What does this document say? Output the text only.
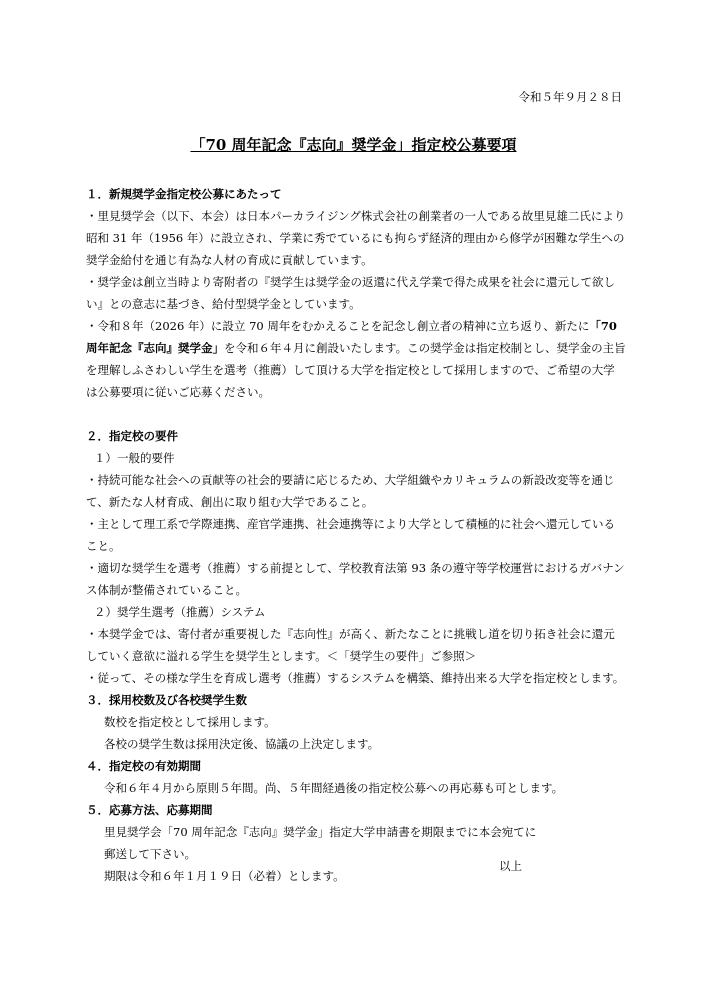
令和５年９月２８日
「70 周年記念『志向』奨学金」指定校公募要項

１．新規奨学金指定校公募にあたって

・里見奨学会（以下、本会）は日本パーカライジング株式会社の創業者の一人である故里見雄二氏により昭和 31 年（1956 年）に設立され、学業に秀でているにも拘らず経済的理由から修学が困難な学生への奨学金給付を通じ有為な人材の育成に貢献しています。

・奨学金は創立当時より寄附者の『奨学生は奨学金の返還に代え学業で得た成果を社会に還元して欲しい』との意志に基づき、給付型奨学金としています。

・令和８年（2026 年）に設立 70 周年をむかえることを記念し創立者の精神に立ち返り、新たに「70 周年記念『志向』奨学金」を令和６年４月に創設いたします。この奨学金は指定校制とし、奨学金の主旨を理解しふさわしい学生を選考（推薦）して頂ける大学を指定校として採用しますので、ご希望の大学は公募要項に従いご応募ください。

２．指定校の要件

１）一般的要件

・持続可能な社会への貢献等の社会的要請に応じるため、大学組織やカリキュラムの新設改変等を通じて、新たな人材育成、創出に取り組む大学であること。

・主として理工系で学際連携、産官学連携、社会連携等により大学として積極的に社会へ還元していること。

・適切な奨学生を選考（推薦）する前提として、学校教育法第 93 条の遵守等学校運営におけるガバナンス体制が整備されていること。

２）奨学生選考（推薦）システム

・本奨学金では、寄付者が重要視した『志向性』が高く、新たなことに挑戦し道を切り拓き社会に還元していく意欲に溢れる学生を奨学生とします。＜「奨学生の要件」ご参照＞

・従って、その様な学生を育成し選考（推薦）するシステムを構築、維持出来る大学を指定校とします。

３．採用校数及び各校奨学生数

数校を指定校として採用します。

各校の奨学生数は採用決定後、協議の上決定します。

４．指定校の有効期間

令和６年４月から原則５年間。尚、５年間経過後の指定校公募への再応募も可とします。

５．応募方法、応募期間

里見奨学会「70 周年記念『志向』奨学金」指定大学申請書を期限までに本会宛てに

郵送して下さい。

期限は令和６年１月１９日（必着）とします。

以上
